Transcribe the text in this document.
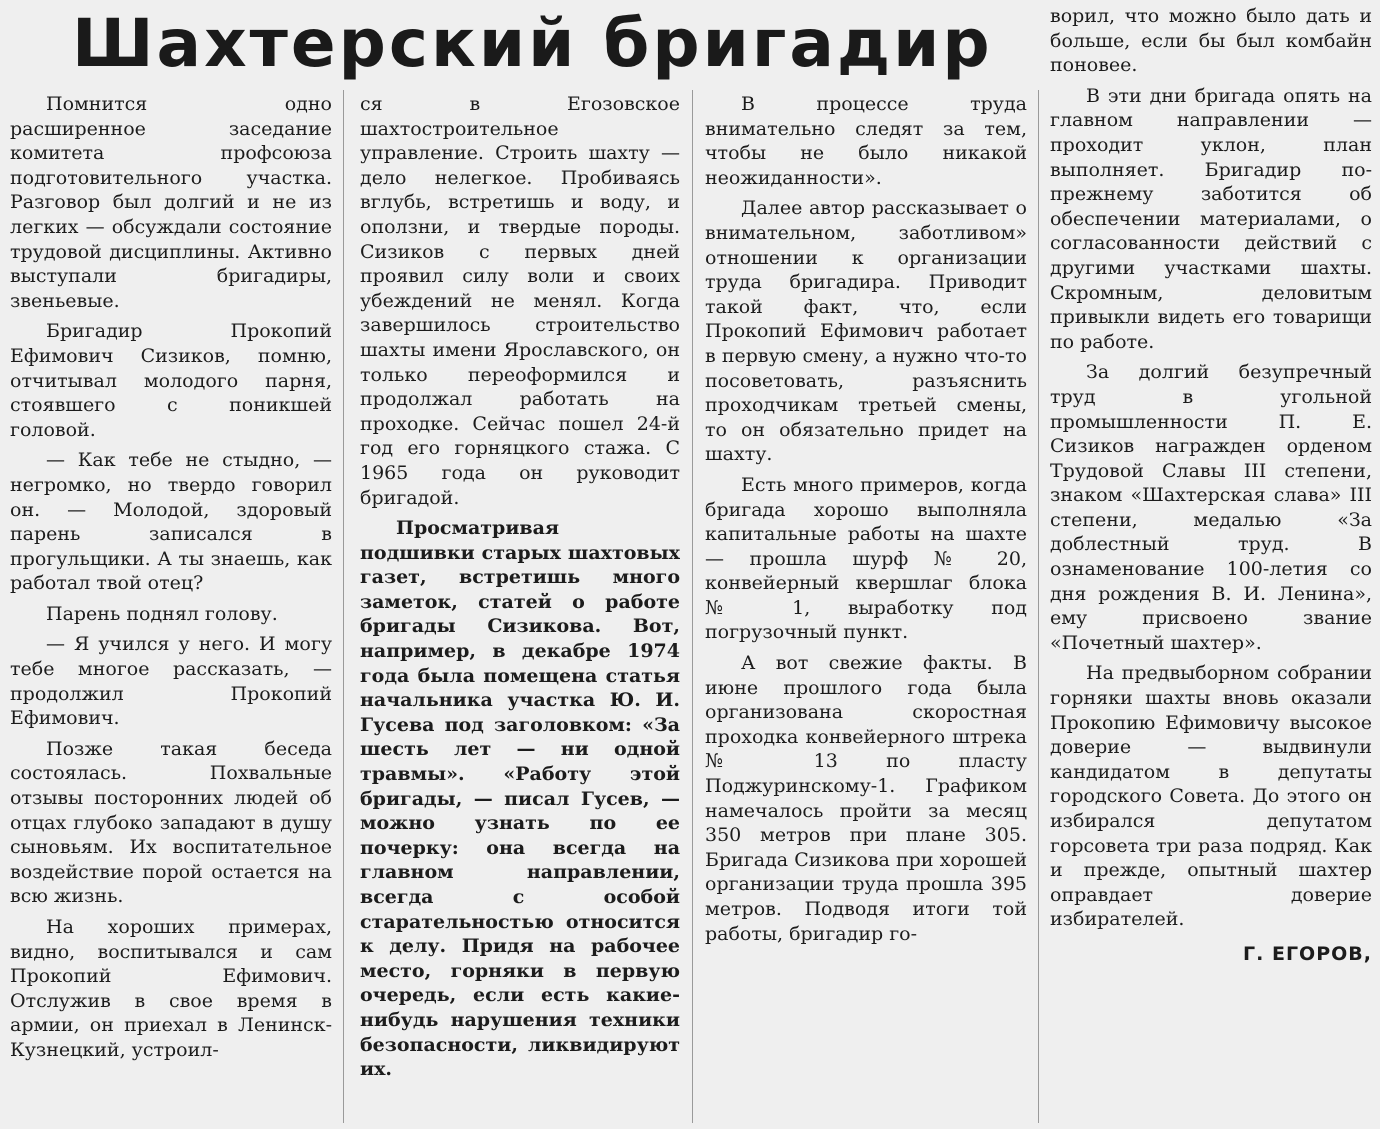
Шахтерский бригадир

Помнится одно расширенное заседание комитета профсоюза подготовительного участка. Разговор был долгий и не из легких — обсуждали состояние трудовой дисциплины. Активно выступали бригадиры, звеньевые.

Бригадир Прокопий Ефимович Сизиков, помню, отчитывал молодого парня, стоявшего с поникшей головой.

— Как тебе не стыдно, — негромко, но твердо говорил он. — Молодой, здоровый парень записался в прогульщики. А ты знаешь, как работал твой отец?

Парень поднял голову.

— Я учился у него. И могу тебе многое рассказать, — продолжил Прокопий Ефимович.

Позже такая беседа состоялась. Похвальные отзывы посторонних людей об отцах глубоко западают в душу сыновьям. Их воспитательное воздействие порой остается на всю жизнь.

На хороших примерах, видно, воспитывался и сам Прокопий Ефимович. Отслужив в свое время в армии, он приехал в Ленинск-Кузнецкий, устроил-

ся в Егозовское шахтостроительное управление. Строить шахту — дело нелегкое. Пробиваясь вглубь, встретишь и воду, и оползни, и твердые породы. Сизиков с первых дней проявил силу воли и своих убеждений не менял. Когда завершилось строительство шахты имени Ярославского, он только переоформился и продолжал работать на проходке. Сейчас пошел 24-й год его горняцкого стажа. С 1965 года он руководит бригадой.

Просматривая подшивки старых шахтовых газет, встретишь много заметок, статей о работе бригады Сизикова. Вот, например, в декабре 1974 года была помещена статья начальника участка Ю. И. Гусева под заголовком: «За шесть лет — ни одной травмы». «Работу этой бригады, — писал Гусев, — можно узнать по ее почерку: она всегда на главном направлении, всегда с особой старательностью относится к делу. Придя на рабочее место, горняки в первую очередь, если есть какие-нибудь нарушения техники безопасности, ликвидируют их.

В процессе труда внимательно следят за тем, чтобы не было никакой неожиданности».

Далее автор рассказывает о внимательном, заботливом» отношении к организации труда бригадира. Приводит такой факт, что, если Прокопий Ефимович работает в первую смену, а нужно что-то посоветовать, разъяснить проходчикам третьей смены, то он обязательно придет на шахту.

Есть много примеров, когда бригада хорошо выполняла капитальные работы на шахте — прошла шурф № 20, конвейерный квершлаг блока № 1, выработку под погрузочный пункт.

А вот свежие факты. В июне прошлого года была организована скоростная проходка конвейерного штрека № 13 по пласту Поджуринскому-1. Графиком намечалось пройти за месяц 350 метров при плане 305. Бригада Сизикова при хорошей организации труда прошла 395 метров. Подводя итоги той работы, бригадир го-

ворил, что можно было дать и больше, если бы был комбайн поновее.

В эти дни бригада опять на главном направлении — проходит уклон, план выполняет. Бригадир по-прежнему заботится об обеспечении материалами, о согласованности действий с другими участками шахты. Скромным, деловитым привыкли видеть его товарищи по работе.

За долгий безупречный труд в угольной промышленности П. Е. Сизиков награжден орденом Трудовой Славы III степени, знаком «Шахтерская слава» III степени, медалью «За доблестный труд. В ознаменование 100-летия со дня рождения В. И. Ленина», ему присвоено звание «Почетный шахтер».

На предвыборном собрании горняки шахты вновь оказали Прокопию Ефимовичу высокое доверие — выдвинули кандидатом в депутаты городского Совета. До этого он избирался депутатом горсовета три раза подряд. Как и прежде, опытный шахтер оправдает доверие избирателей.

Г. ЕГОРОВ,
